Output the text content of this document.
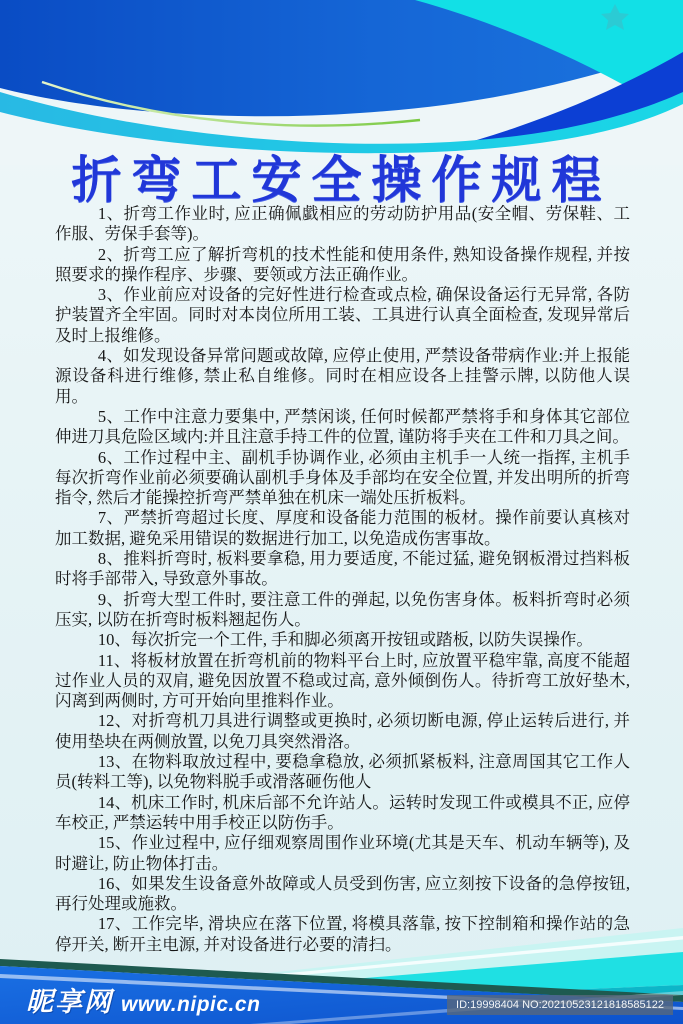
折弯工安全操作规程

1、折弯工作业时, 应正确佩戱相应的劳动防护用品(安全帽、劳保鞋、工作服、劳保手套等)。

2、折弯工应了解折弯机的技术性能和使用条件, 熟知设备操作规程, 并按照要求的操作程序、步骤、要领或方法正确作业。

3、作业前应对设备的完好性进行检查或点检, 确保设备运行无异常, 各防护装置齐全牢固。同时对本岗位所用工装、工具进行认真全面检查, 发现异常后及时上报维修。

4、如发现设备异常问题或故障, 应停止使用, 严禁设备带病作业:并上报能源设备科进行维修, 禁止私自维修。同时在相应设各上挂警示牌, 以防他人误用。

5、工作中注意力要集中, 严禁闲谈, 任何时候都严禁将手和身体其它部位伸进刀具危险区域内:并且注意手持工件的位置, 谨防将手夹在工件和刀具之间。

6、工作过程中主、副机手协调作业, 必须由主机手一人统一指挥, 主机手每次折弯作业前必须要确认副机手身体及手部均在安全位置, 并发出明所的折弯指令, 然后才能操控折弯严禁单独在机床一端处压折板料。

7、严禁折弯超过长度、厚度和设备能力范围的板材。操作前要认真核对加工数据, 避免采用错误的数据进行加工, 以免造成伤害事故。

8、推料折弯时, 板料要拿稳, 用力要适度, 不能过猛, 避免钢板滑过挡料板时将手部带入, 导致意外事故。

9、折弯大型工件时, 要注意工件的弹起, 以免伤害身体。板料折弯时必须压实, 以防在折弯时板料翘起伤人。

10、每次折完一个工件, 手和脚必须离开按钮或踏板, 以防失误操作。

11、将板材放置在折弯机前的物料平台上时, 应放置平稳牢靠, 高度不能超过作业人员的双肩, 避免因放置不稳或过高, 意外倾倒伤人。待折弯工放好垫木, 闪离到两侧时, 方可开始向里推料作业。

12、对折弯机刀具进行调整或更换时, 必须切断电源, 停止运转后进行, 并使用垫块在两侧放置, 以免刀具突然滑洛。

13、在物料取放过程中, 要稳拿稳放, 必须抓紧板料, 注意周国其它工作人员(转料工等), 以免物料脱手或滑落砸伤他人

14、机床工作时, 机床后部不允许站人。运转时发现工件或模具不正, 应停车校正, 严禁运转中用手校正以防伤手。

15、作业过程中, 应仔细观察周围作业环境(尤其是天车、机动车辆等), 及时避让, 防止物体打击。

16、如果发生设备意外故障或人员受到伤害, 应立刻按下设备的急停按钮, 再行处理或施救。

17、工作完毕, 滑块应在落下位置, 将模具落靠, 按下控制箱和操作站的急停开关, 断开主电源, 并对设备进行必要的清扫。

昵享网 www.nipic.cn	ID:19998404 NO:20210523121818585122
